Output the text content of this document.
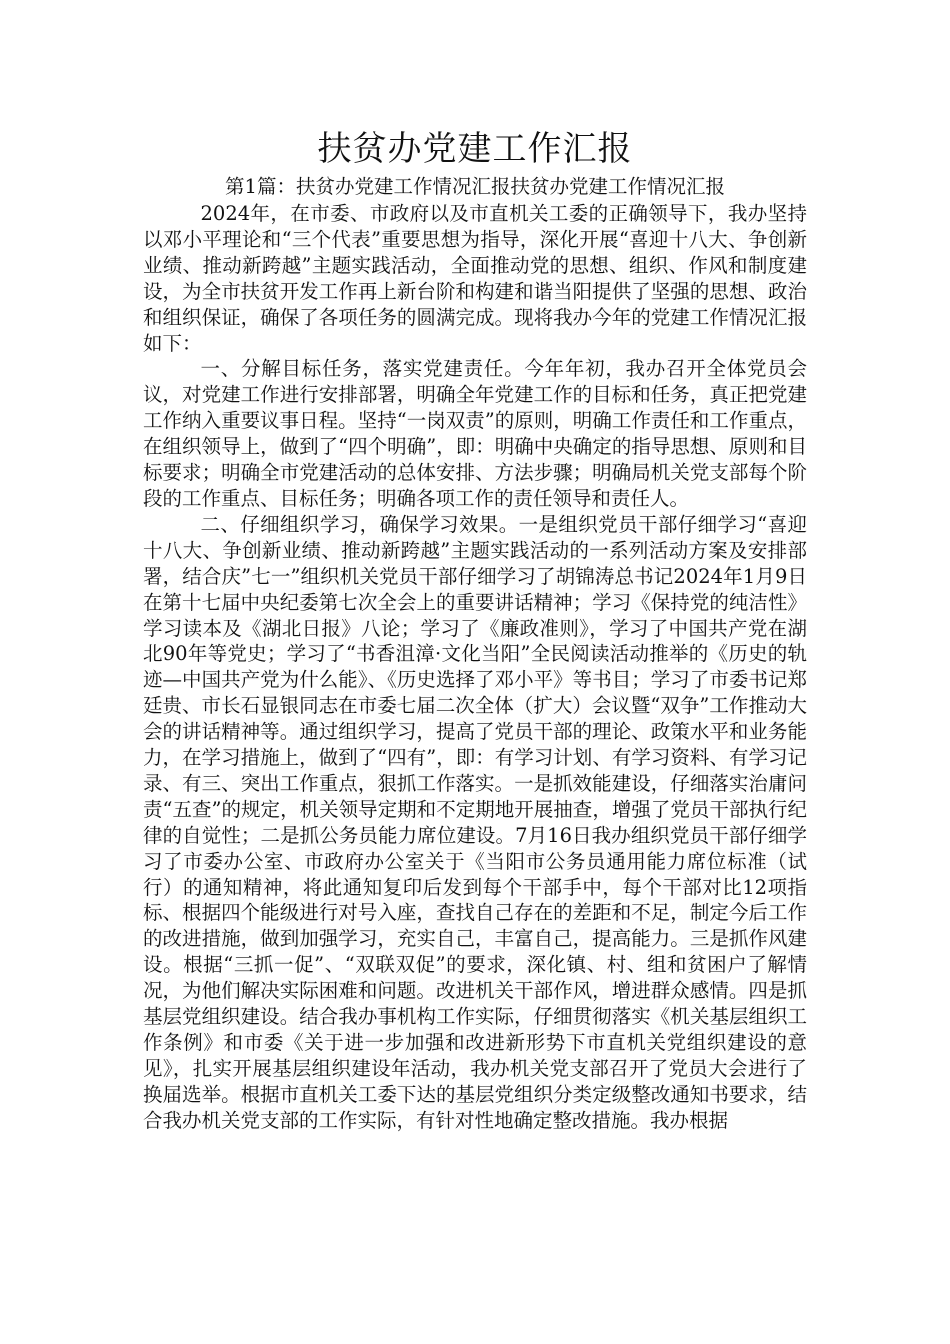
扶贫办党建工作汇报

第1篇：扶贫办党建工作情况汇报扶贫办党建工作情况汇报

2024年，在市委、市政府以及市直机关工委的正确领导下，我办坚持以邓小平理论和“三个代表”重要思想为指导，深化开展“喜迎十八大、争创新业绩、推动新跨越”主题实践活动，全面推动党的思想、组织、作风和制度建设，为全市扶贫开发工作再上新台阶和构建和谐当阳提供了坚强的思想、政治和组织保证，确保了各项任务的圆满完成。现将我办今年的党建工作情况汇报如下：

一、分解目标任务，落实党建责任。今年年初，我办召开全体党员会议，对党建工作进行安排部署，明确全年党建工作的目标和任务，真正把党建工作纳入重要议事日程。坚持“一岗双责”的原则，明确工作责任和工作重点，在组织领导上，做到了“四个明确”，即：明确中央确定的指导思想、原则和目标要求；明确全市党建活动的总体安排、方法步骤；明确局机关党支部每个阶段的工作重点、目标任务；明确各项工作的责任领导和责任人。

二、仔细组织学习，确保学习效果。一是组织党员干部仔细学习“喜迎十八大、争创新业绩、推动新跨越”主题实践活动的一系列活动方案及安排部署，结合庆”七一”组织机关党员干部仔细学习了胡锦涛总书记2024年1月9日在第十七届中央纪委第七次全会上的重要讲话精神；学习《保持党的纯洁性》学习读本及《湖北日报》八论；学习了《廉政准则》，学习了中国共产党在湖北90年等党史；学习了“书香沮漳·文化当阳”全民阅读活动推举的《历史的轨迹—中国共产党为什么能》、《历史选择了邓小平》等书目；学习了市委书记郑廷贵、市长石显银同志在市委七届二次全体（扩大）会议暨“双争”工作推动大会的讲话精神等。通过组织学习，提高了党员干部的理论、政策水平和业务能力，在学习措施上，做到了“四有”，即：有学习计划、有学习资料、有学习记录、有三、突出工作重点，狠抓工作落实。一是抓效能建设，仔细落实治庸问责“五查”的规定，机关领导定期和不定期地开展抽查，增强了党员干部执行纪律的自觉性；二是抓公务员能力席位建设。7月16日我办组织党员干部仔细学习了市委办公室、市政府办公室关于《当阳市公务员通用能力席位标准（试行）的通知精神，将此通知复印后发到每个干部手中，每个干部对比12项指标、根据四个能级进行对号入座，查找自己存在的差距和不足，制定今后工作的改进措施，做到加强学习，充实自己，丰富自己，提高能力。三是抓作风建设。根据“三抓一促”、“双联双促”的要求，深化镇、村、组和贫困户了解情况，为他们解决实际困难和问题。改进机关干部作风，增进群众感情。四是抓基层党组织建设。结合我办事机构工作实际，仔细贯彻落实《机关基层组织工作条例》和市委《关于进一步加强和改进新形势下市直机关党组织建设的意见》，扎实开展基层组织建设年活动，我办机关党支部召开了党员大会进行了换届选举。根据市直机关工委下达的基层党组织分类定级整改通知书要求，结合我办机关党支部的工作实际，有针对性地确定整改措施。我办根据
